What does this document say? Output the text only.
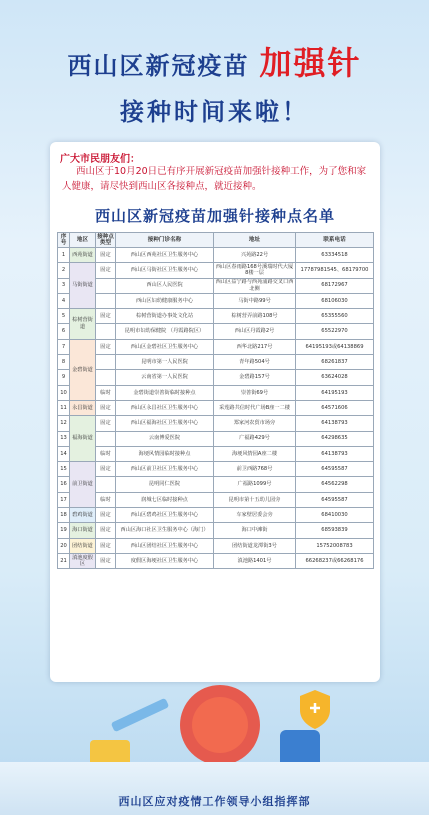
西山区新冠疫苗 加强针
接种时间来啦！
广大市民朋友们：
西山区于10月20日已有序开展新冠疫苗加强针接种工作，为了您和家人健康，请尽快到西山区各接种点，就近接种。
西山区新冠疫苗加强针接种点名单
序号	地区	接种点类型	接种门诊名称	地址	联系电话
1	西苑街道	固定	西山区西苑社区卫生服务中心	兴苑路22号	63334518
2	马街街道	固定	西山区马街社区卫生服务中心	西山区春雨路168号溪瑞时代大厦8楼一层	17787981545、68179700
3			西山区人民医院	西山区益宁路与西苑浦路交叉口西北侧	68172967
4			西山区妇幼健康服务中心	马街中路99号	68106030
5	棕树营街道	固定	棕树营街道办事处文化站	棕树营弄前路108号	65355560
6			昆明市妇幼保健院 （丹霞路院区）	西山区丹霞路2号	65522970
7	金碧街道	固定	西山区金碧社区卫生服务中心	西华北路217号	64195193或64138869
8			昆明市第一人民医院	青年路504号	68261837
9			云南省第一人民医院	金碧路157号	63624028
10		临时	金碧街道崇善街临时接种点	崇善街69号	64195193
11	永昌街道	固定	西山区永昌社区卫生服务中心	采莲路共信时代广场B座一二楼	64571606
12	福海街道	固定	西山区福海社区卫生服务中心	郑家河农贸市场旁	64138793
13			云南博爱医院	广福路429号	64298635
14		临时	海埂风情园临时接种点	海埂风情园A座二楼	64138793
15	前卫街道	固定	西山区前卫社区卫生服务中心	前卫西路768号	64595587
16			昆明同仁医院	广福路1099号	64562298
17		临时	润城七区临时接种点	昆明市第十五幼儿园旁	64595587
18	碧鸡街道	固定	西山区碧鸡社区卫生服务中心	车家壁居委会旁	68410030
19	海口街道	固定	西山区海口社区卫生服务中心（海门）	海口中滩街	68593839
20	团结街道	固定	西山区团结社区卫生服务中心	团结街道龙潭街3号	15752008783
21	滇池度假区	固定	度假区海埂社区卫生服务中心	滇池路1401号	66268237或66268176
西山区应对疫情工作领导小组指挥部
